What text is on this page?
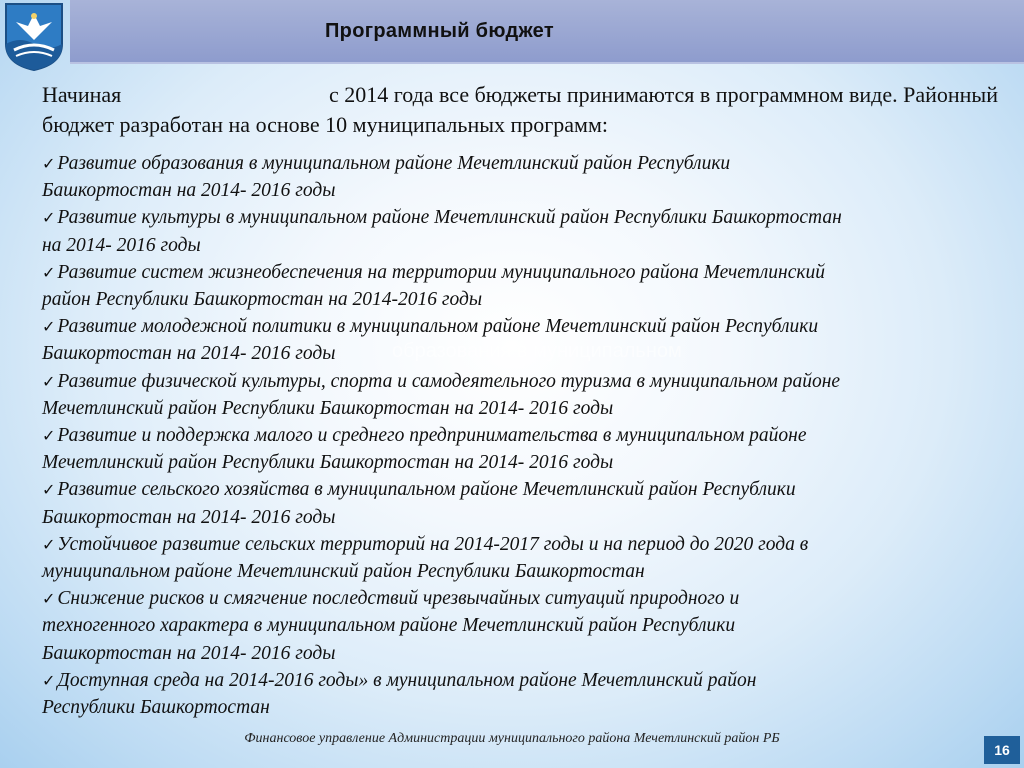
Программный бюджет
Начиная	с 2014 года все бюджеты принимаются в программном виде. Районный
бюджет разработан на основе 10 муниципальных программ:
✓ Развитие образования в муниципальном районе Мечетлинский район Республики
Башкортостан на 2014- 2016 годы
✓ Развитие культуры в муниципальном районе Мечетлинский район Республики Башкортостан
на 2014- 2016 годы
✓ Развитие систем жизнеобеспечения на территории муниципального района Мечетлинский
район Республики Башкортостан на 2014-2016 годы
✓ Развитие молодежной политики в муниципальном районе Мечетлинский район Республики
Башкортостан на 2014- 2016 годы
✓ Развитие физической культуры, спорта и самодеятельного туризма в муниципальном районе
Мечетлинский район Республики Башкортостан на 2014- 2016 годы
✓ Развитие и поддержка малого и среднего предпринимательства в муниципальном районе
Мечетлинский район Республики Башкортостан на 2014- 2016 годы
✓ Развитие сельского хозяйства в муниципальном районе Мечетлинский район Республики
Башкортостан на 2014- 2016 годы
✓ Устойчивое развитие сельских территорий на 2014-2017 годы и на период до 2020 года в
муниципальном районе Мечетлинский район Республики Башкортостан
✓ Снижение рисков и смягчение последствий чрезвычайных ситуаций природного и
техногенного характера в муниципальном районе Мечетлинский район Республики
Башкортостан на 2014- 2016 годы
✓ Доступная среда на 2014-2016 годы» в муниципальном районе Мечетлинский район
Республики Башкортостан
образования в муниципальном
Финансовое управление Администрации муниципального района Мечетлинский район РБ
16
